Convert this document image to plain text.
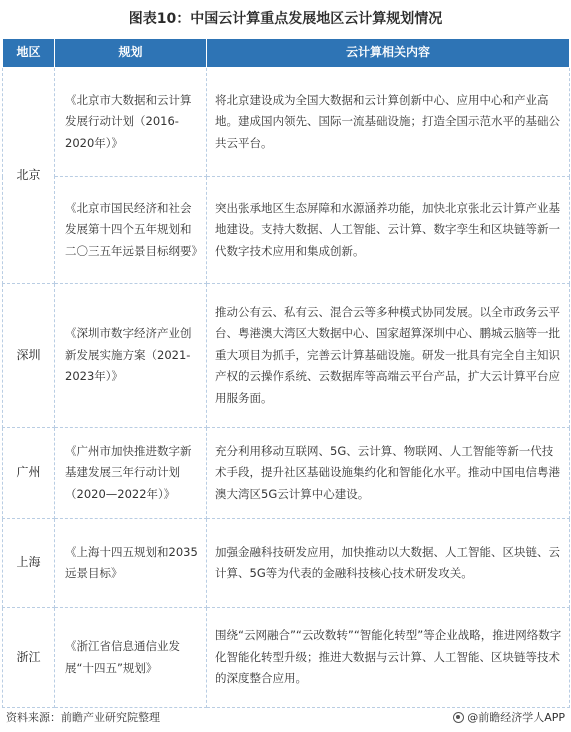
图表10：中国云计算重点发展地区云计算规划情况
地区	规划	云计算相关内容
北京	《北京市大数据和云计算发展行动计划（2016-2020年）》	将北京建设成为全国大数据和云计算创新中心、应用中心和产业高地。建成国内领先、国际一流基础设施；打造全国示范水平的基础公共云平台。
	《北京市国民经济和社会发展第十四个五年规划和二〇三五年远景目标纲要》	突出张承地区生态屏障和水源涵养功能，加快北京张北云计算产业基地建设。支持大数据、人工智能、云计算、数字孪生和区块链等新一代数字技术应用和集成创新。
深圳	《深圳市数字经济产业创新发展实施方案（2021-2023年）》	推动公有云、私有云、混合云等多种模式协同发展。以全市政务云平台、粤港澳大湾区大数据中心、国家超算深圳中心、鹏城云脑等一批重大项目为抓手，完善云计算基础设施。研发一批具有完全自主知识产权的云操作系统、云数据库等高端云平台产品，扩大云计算平台应用服务面。
广州	《广州市加快推进数字新基建发展三年行动计划（2020—2022年）》	充分利用移动互联网、5G、云计算、物联网、人工智能等新一代技术手段，提升社区基础设施集约化和智能化水平。推动中国电信粤港澳大湾区5G云计算中心建设。
上海	《上海十四五规划和2035远景目标》	加强金融科技研发应用，加快推动以大数据、人工智能、区块链、云计算、5G等为代表的金融科技核心技术研发攻关。
浙江	《浙江省信息通信业发展“十四五”规划》	围绕“云网融合”“云改数转”“智能化转型”等企业战略，推进网络数字化智能化转型升级；推进大数据与云计算、人工智能、区块链等技术的深度整合应用。
资料来源：前瞻产业研究院整理	@前瞻经济学人APP
